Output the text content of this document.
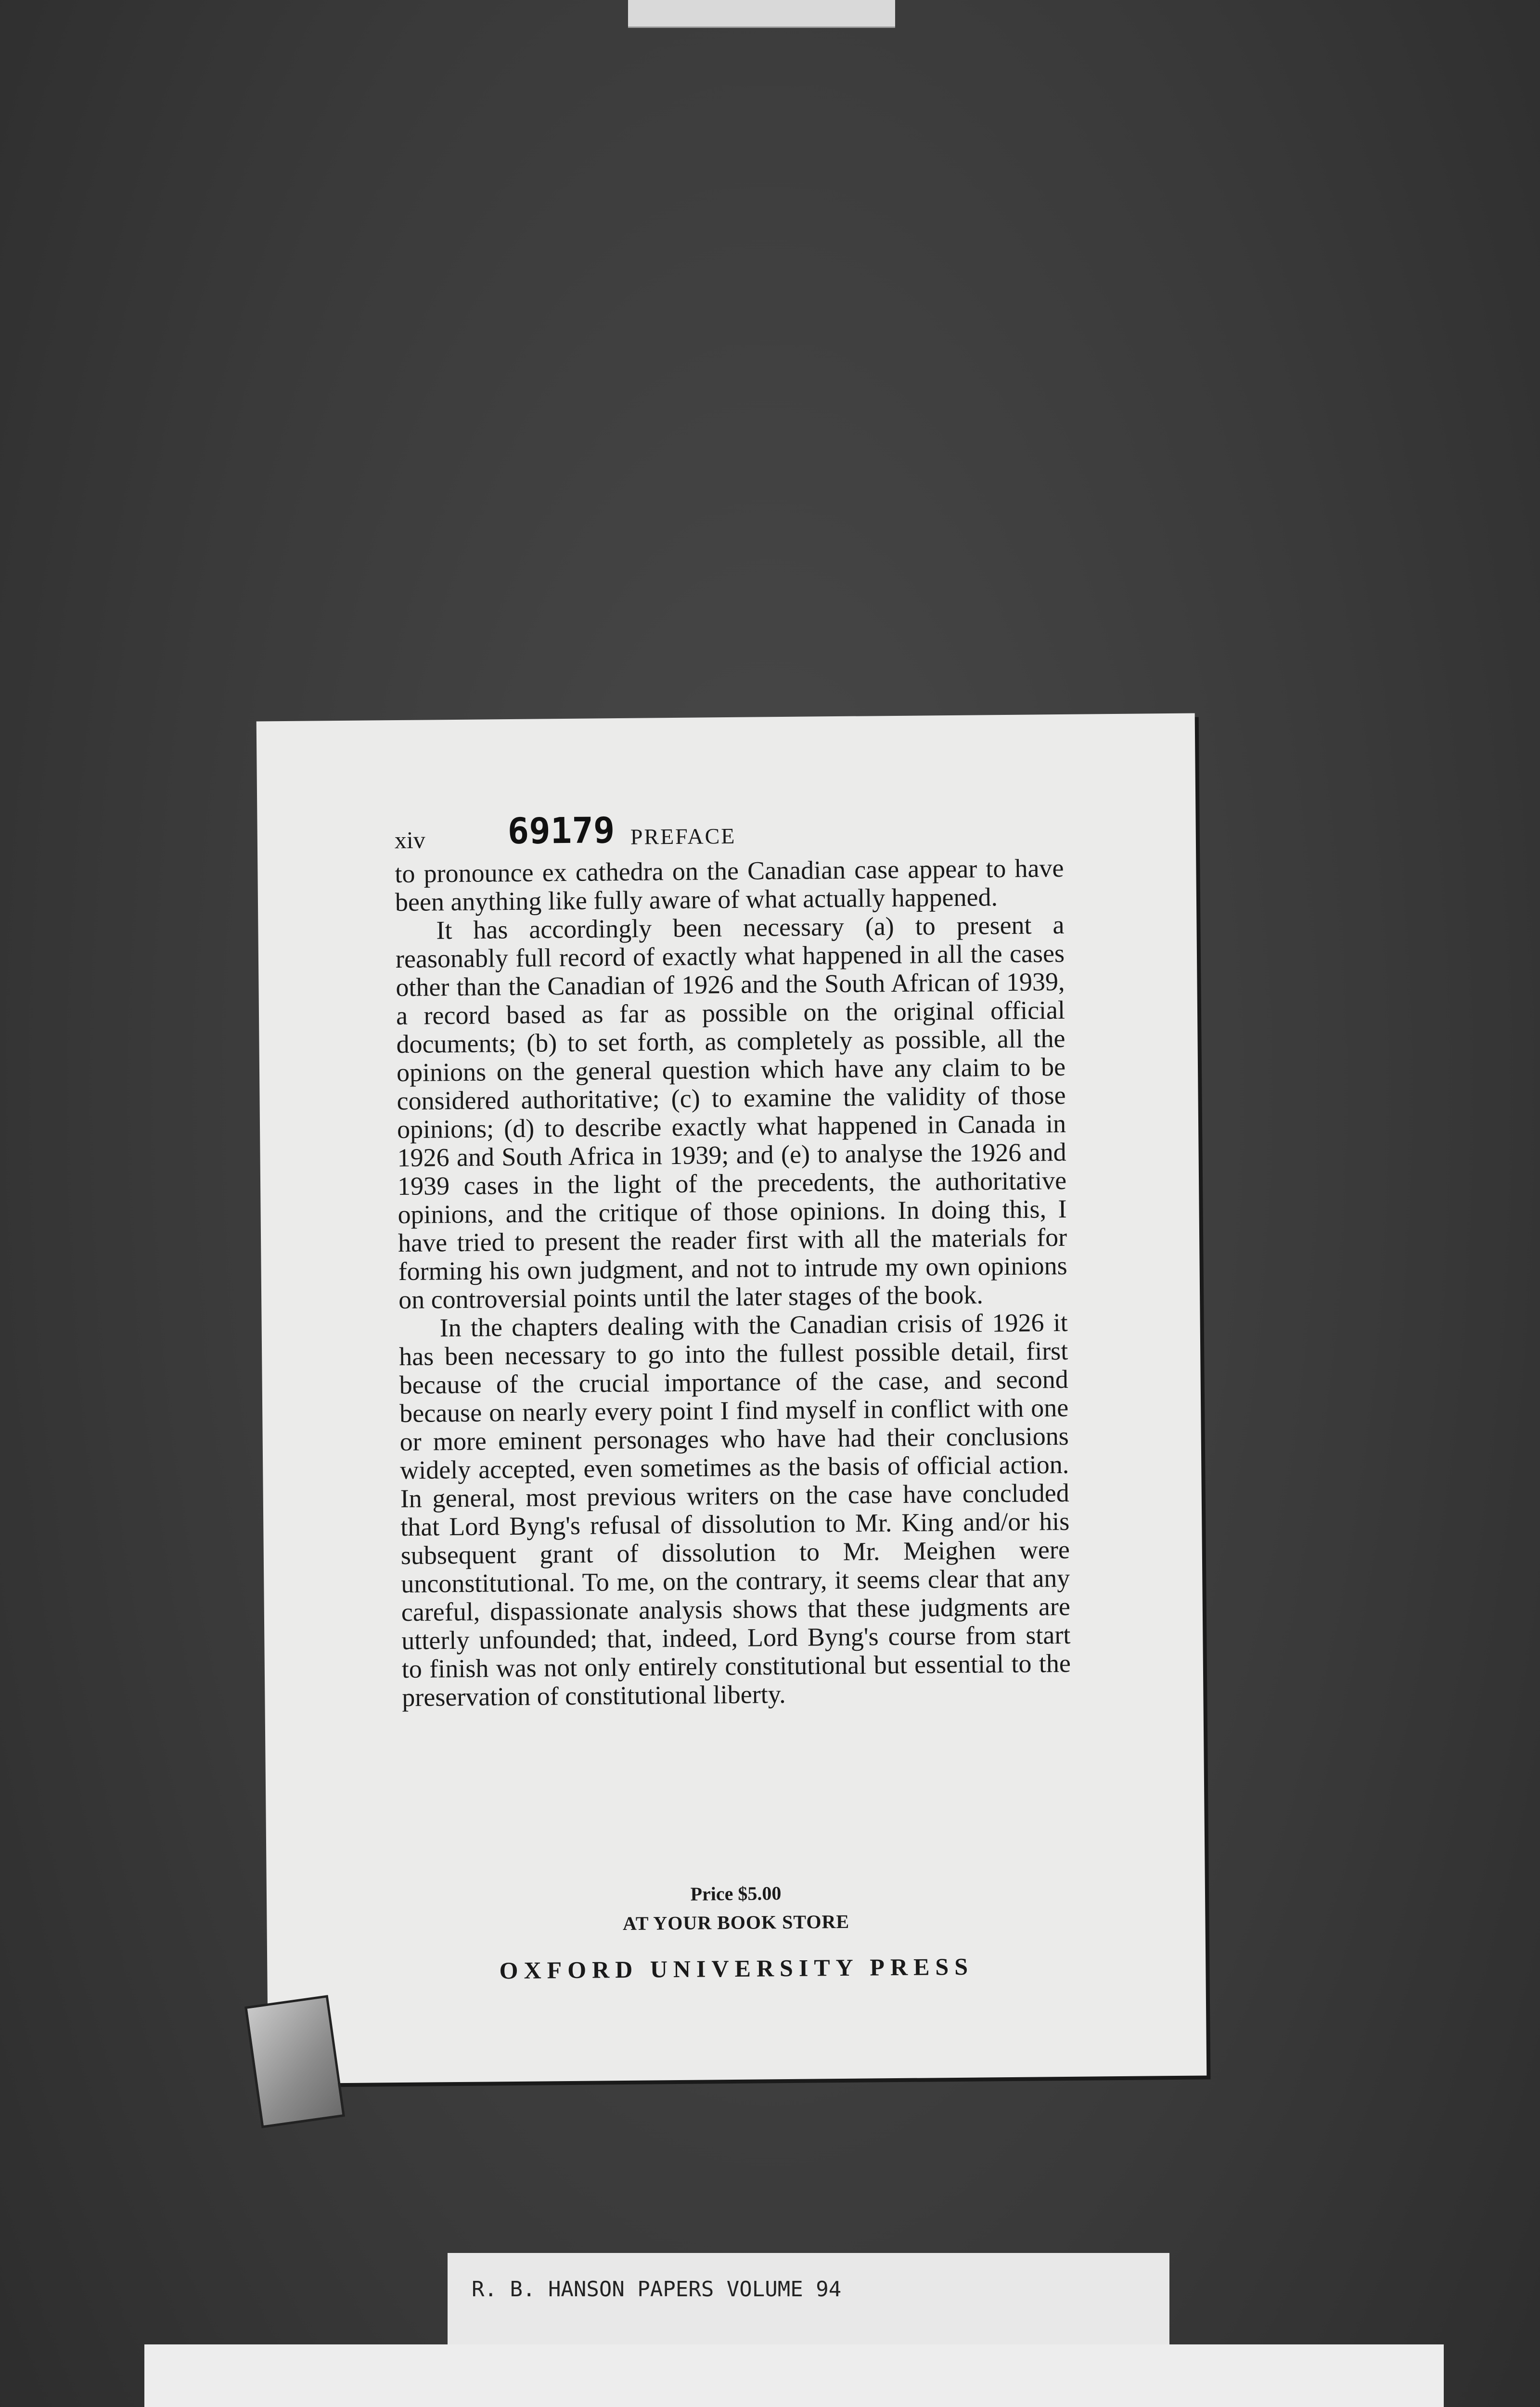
xiv 69179 PREFACE

to pronounce ex cathedra on the Canadian case appear to have been anything like fully aware of what actually happened.

It has accordingly been necessary (a) to present a reasonably full record of exactly what happened in all the cases other than the Canadian of 1926 and the South African of 1939, a record based as far as possible on the original official documents; (b) to set forth, as completely as possible, all the opinions on the general question which have any claim to be considered authoritative; (c) to examine the validity of those opinions; (d) to describe exactly what happened in Canada in 1926 and South Africa in 1939; and (e) to analyse the 1926 and 1939 cases in the light of the precedents, the authoritative opinions, and the critique of those opinions. In doing this, I have tried to present the reader first with all the materials for forming his own judgment, and not to intrude my own opinions on controversial points until the later stages of the book.

In the chapters dealing with the Canadian crisis of 1926 it has been necessary to go into the fullest possible detail, first because of the crucial importance of the case, and second because on nearly every point I find myself in conflict with one or more eminent personages who have had their conclusions widely accepted, even sometimes as the basis of official action. In general, most previous writers on the case have concluded that Lord Byng's refusal of dissolution to Mr. King and/or his subsequent grant of dissolution to Mr. Meighen were unconstitutional. To me, on the contrary, it seems clear that any careful, dispassionate analysis shows that these judgments are utterly unfounded; that, indeed, Lord Byng's course from start to finish was not only entirely constitutional but essential to the preservation of constitutional liberty.

Price $5.00
AT YOUR BOOK STORE
OXFORD UNIVERSITY PRESS
R. B. HANSON PAPERS VOLUME 94
